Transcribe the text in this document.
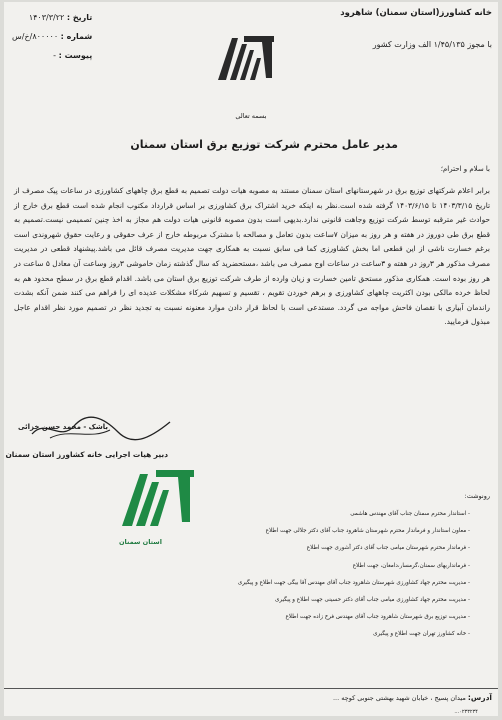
خانه کشاورز(استان سمنان) شاهرود
با مجوز ۱/۴۵/۱۳۵ الف وزارت کشور
تاریخ : ۱۴۰۳/۳/۲۲
شماره : ۸۰۰۰۰۰/خ/س
پیوست : -
بسمه تعالی
مدیر عامل محترم شرکت توزیع برق استان سمنان
با سلام و احترام؛
برابر اعلام شرکتهای توزیع برق در شهرستانهای استان سمنان مستند به مصوبه هیات دولت تصمیم به قطع برق چاههای کشاورزی در ساعات پیک مصرف از تاریخ ۱۴۰۳/۳/۱۵ تا ۱۴۰۳/۶/۱۵ گرفته شده است.نظر به اینکه خرید اشتراک برق کشاورزی بر اساس قرارداد مکتوب انجام شده است قطع برق خارج از حوادث غیر مترقبه توسط شرکت توزیع وجاهت قانونی ندارد.بدیهی است بدون مصوبه قانونی هیات دولت هم مجاز به اخذ چنین تصمیمی نیست.تصمیم به قطع برق طی دوروز در هفته و هر روز به میزان ۷ساعت بدون تعامل و مصالحه با مشترک مربوطه خارج از عرف حقوقی و رعایت حقوق شهروندی است برغم خسارت ناشی از این قطعی اما بخش کشاورزی کما فی سابق نسبت به همکاری جهت مدیریت مصرف قائل می باشد.پیشنهاد قطعی در مدیریت مصرف مذکور هر ۳روز در هفته و ۳ساعت در ساعات اوج مصرف می باشد ،مستحضرید که سال گذشته زمان خاموشی ۳روز وساعت آن معادل ۵ ساعت در هر روز بوده است. همکاری مذکور مستحق تامین خسارت و زیان وارده از طرف شرکت توزیع برق استان می باشد. اقدام قطع برق در سطح محدود هم به لحاظ خرده مالکی بودن اکثریت چاههای کشاورزی و برهم خوردن تقویم ، تقسیم و تسهیم شرکاء مشکلات عدیده ای را فراهم می کنند ضمن آنکه بشدت راندمان آبیاری با نقصان فاحش مواجه می گردد. مستدعی است با لحاظ قرار دادن موارد معنونه نسبت به تجدید نظر در تصمیم مورد نظر اقدام عاجل مبذول فرمایید.
باشک - محمد حسن خزائی
دبیر هیات اجرایی خانه کشاورز استان سمنان
استان سمنان
رونوشت:
- استاندار محترم سمنان جناب آقای مهندس هاشمی
- معاون استاندار و فرماندار محترم شهرستان شاهرود جناب آقای دکتر جلالی جهت اطلاع
- فرماندار محترم شهرستان میامی جناب آقای دکتر آشوری جهت اطلاع
- فرمانداریهای سمنان،گرمسار،دامغان، جهت اطلاع
- مدیریت محترم جهاد کشاورزی شهرستان شاهرود جناب آقای مهندس آقا بیگی جهت اطلاع و پیگیری
- مدیریت محترم جهاد کشاورزی میامی جناب آقای دکتر حسینی جهت اطلاع و پیگیری
- مدیریت توزیع برق شهرستان شاهرود جناب آقای مهندس فرخ زاده جهت اطلاع
- خانه کشاورز تهران جهت اطلاع و پیگیری
آدرس: میدان پسیج ، خیابان شهید بهشتی جنوبی کوچه ...
۰۲۳۳۲۳۴...
